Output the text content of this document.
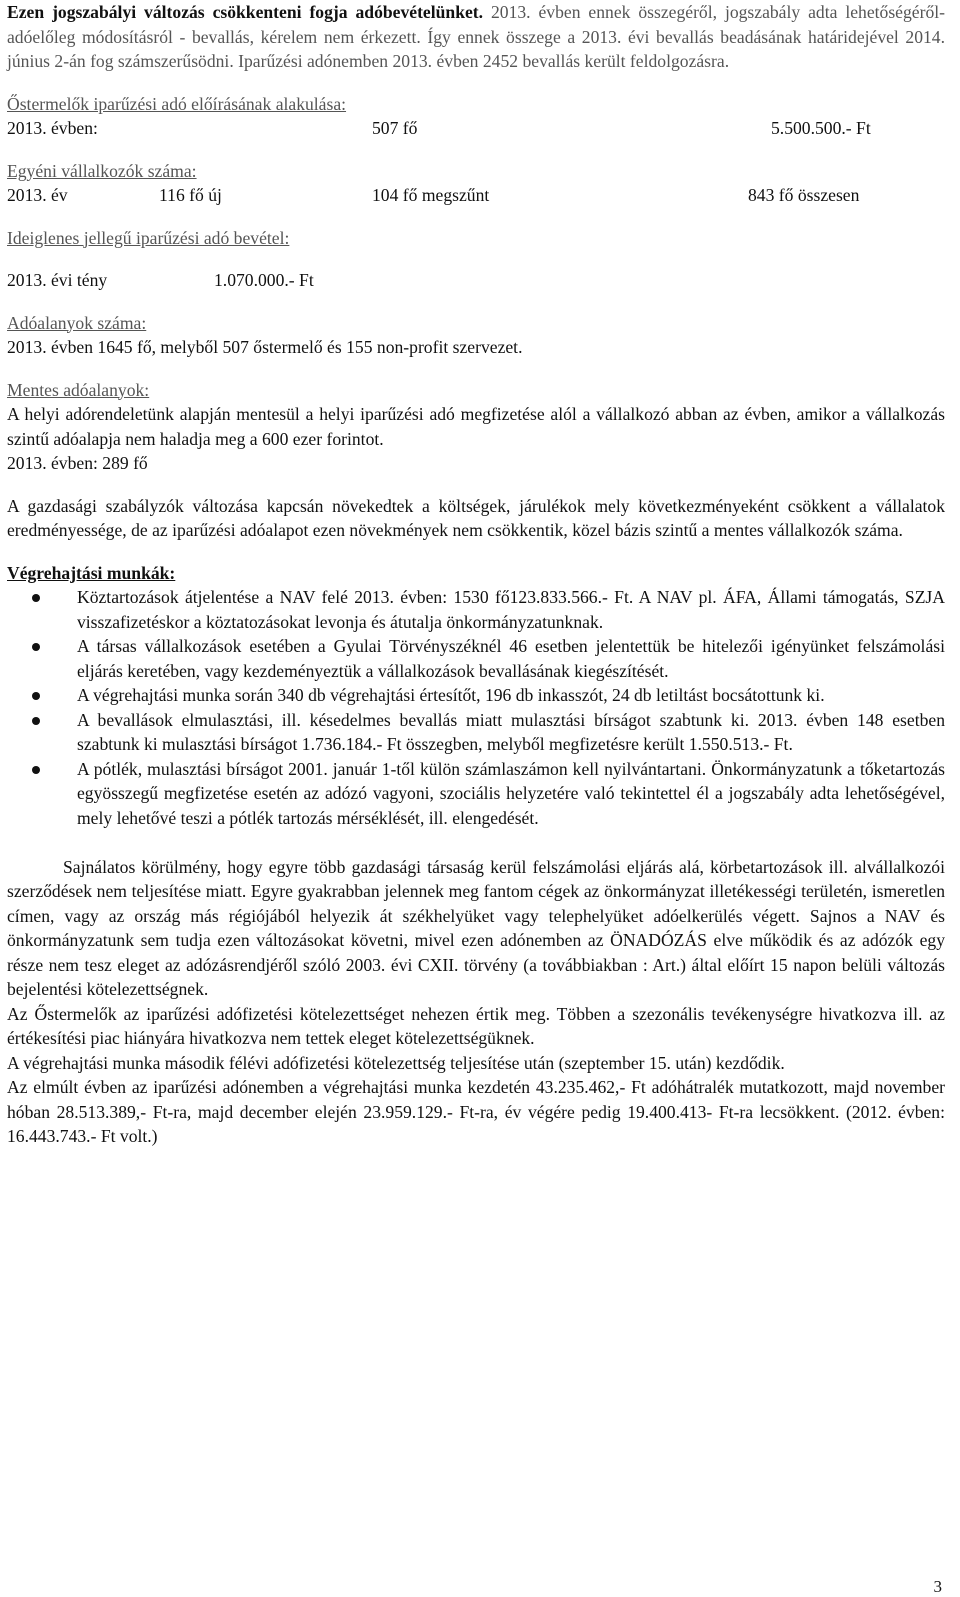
Ezen jogszabályi változás csökkenteni fogja adóbevételünket. 2013. évben ennek összegéről, jogszabály adta lehetőségéről- adóelőleg módosításról - bevallás, kérelem nem érkezett. Így ennek összege a 2013. évi bevallás beadásának határidejével 2014. június 2-án fog számszerűsödni. Iparűzési adónemben 2013. évben 2452 bevallás került feldolgozásra.

Őstermelők iparűzési adó előírásának alakulása:
2013. évben:	507 fő	5.500.500.- Ft
Egyéni vállalkozók száma:
2013. év	116 fő új	104 fő megszűnt	843 fő összesen
Ideiglenes jellegű iparűzési adó bevétel:
2013. évi tény	1.070.000.- Ft
Adóalanyok száma:
2013. évben 1645 fő, melyből 507 őstermelő és 155 non-profit szervezet.
Mentes adóalanyok:

A helyi adórendeletünk alapján mentesül a helyi iparűzési adó megfizetése alól a vállalkozó abban az évben, amikor a vállalkozás szintű adóalapja nem haladja meg a 600 ezer forintot.

2013. évben: 289 fő

A gazdasági szabályzók változása kapcsán növekedtek a költségek, járulékok mely következményeként csökkent a vállalatok eredményessége, de az iparűzési adóalapot ezen növekmények nem csökkentik, közel bázis szintű a mentes vállalkozók száma.

Végrehajtási munkák:
Köztartozások átjelentése a NAV felé 2013. évben: 1530 fő123.833.566.- Ft. A NAV pl. ÁFA, Állami támogatás, SZJA visszafizetéskor a köztatozásokat levonja és átutalja önkormányzatunknak.
A társas vállalkozások esetében a Gyulai Törvényszéknél 46 esetben jelentettük be hitelezői igényünket felszámolási eljárás keretében, vagy kezdeményeztük a vállalkozások bevallásának kiegészítését.
A végrehajtási munka során 340 db végrehajtási értesítőt, 196 db inkasszót, 24 db letiltást bocsátottunk ki.
A bevallások elmulasztási, ill. késedelmes bevallás miatt mulasztási bírságot szabtunk ki. 2013. évben 148 esetben szabtunk ki mulasztási bírságot 1.736.184.- Ft összegben, melyből megfizetésre került 1.550.513.- Ft.
A pótlék, mulasztási bírságot 2001. január 1-től külön számlaszámon kell nyilvántartani. Önkormányzatunk a tőketartozás egyösszegű megfizetése esetén az adózó vagyoni, szociális helyzetére való tekintettel él a jogszabály adta lehetőségével, mely lehetővé teszi a pótlék tartozás mérséklését, ill. elengedését.

Sajnálatos körülmény, hogy egyre több gazdasági társaság kerül felszámolási eljárás alá, körbetartozások ill. alvállalkozói szerződések nem teljesítése miatt. Egyre gyakrabban jelennek meg fantom cégek az önkormányzat illetékességi területén, ismeretlen címen, vagy az ország más régiójából helyezik át székhelyüket vagy telephelyüket adóelkerülés végett. Sajnos a NAV és önkormányzatunk sem tudja ezen változásokat követni, mivel ezen adónemben az ÖNADÓZÁS elve működik és az adózók egy része nem tesz eleget az adózásrendjéről szóló 2003. évi CXII. törvény (a továbbiakban : Art.) által előírt 15 napon belüli változás bejelentési kötelezettségnek.

Az Őstermelők az iparűzési adófizetési kötelezettséget nehezen értik meg. Többen a szezonális tevékenységre hivatkozva ill. az értékesítési piac hiányára hivatkozva nem tettek eleget kötelezettségüknek.

A végrehajtási munka második félévi adófizetési kötelezettség teljesítése után (szeptember 15. után) kezdődik.

Az elmúlt évben az iparűzési adónemben a végrehajtási munka kezdetén 43.235.462,- Ft adóhátralék mutatkozott, majd november hóban 28.513.389,- Ft-ra, majd december elején 23.959.129.- Ft-ra, év végére pedig 19.400.413- Ft-ra lecsökkent. (2012. évben: 16.443.743.- Ft volt.)

3
